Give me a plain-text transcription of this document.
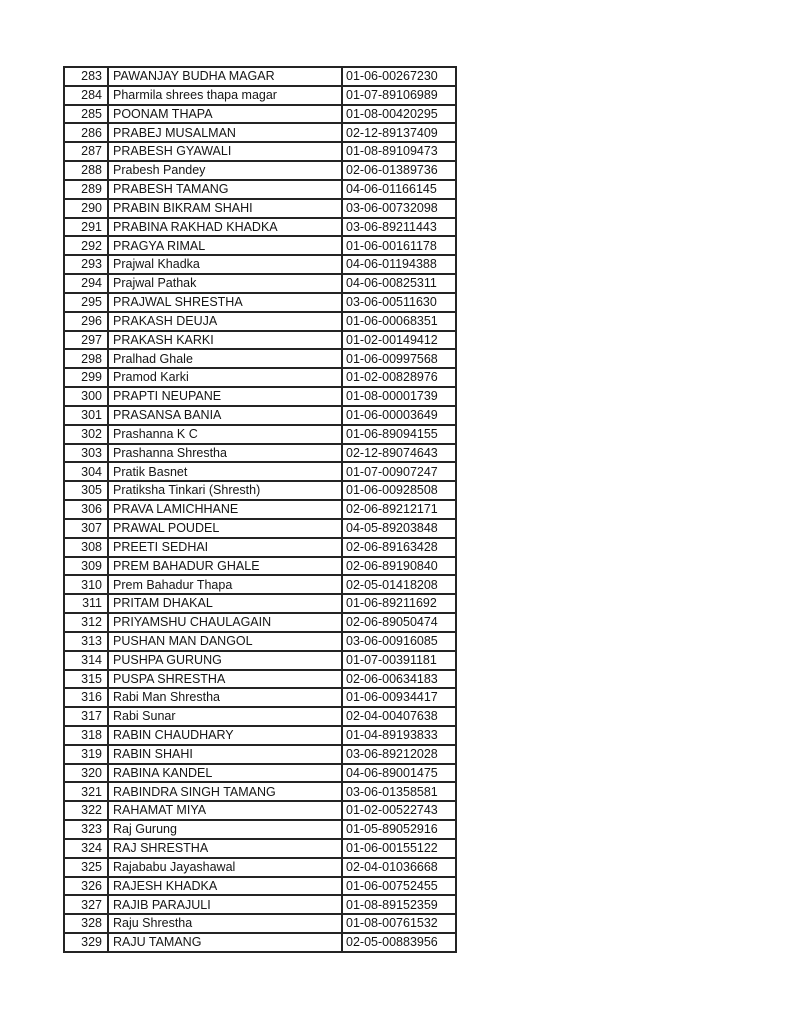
283	PAWANJAY BUDHA MAGAR	01-06-00267230
284	Pharmila shrees thapa magar	01-07-89106989
285	POONAM THAPA	01-08-00420295
286	PRABEJ MUSALMAN	02-12-89137409
287	PRABESH GYAWALI	01-08-89109473
288	Prabesh Pandey	02-06-01389736
289	PRABESH TAMANG	04-06-01166145
290	PRABIN BIKRAM SHAHI	03-06-00732098
291	PRABINA RAKHAD KHADKA	03-06-89211443
292	PRAGYA RIMAL	01-06-00161178
293	Prajwal Khadka	04-06-01194388
294	Prajwal Pathak	04-06-00825311
295	PRAJWAL SHRESTHA	03-06-00511630
296	PRAKASH DEUJA	01-06-00068351
297	PRAKASH KARKI	01-02-00149412
298	Pralhad Ghale	01-06-00997568
299	Pramod Karki	01-02-00828976
300	PRAPTI NEUPANE	01-08-00001739
301	PRASANSA BANIA	01-06-00003649
302	Prashanna K C	01-06-89094155
303	Prashanna Shrestha	02-12-89074643
304	Pratik Basnet	01-07-00907247
305	Pratiksha Tinkari (Shresth)	01-06-00928508
306	PRAVA LAMICHHANE	02-06-89212171
307	PRAWAL POUDEL	04-05-89203848
308	PREETI SEDHAI	02-06-89163428
309	PREM BAHADUR GHALE	02-06-89190840
310	Prem Bahadur Thapa	02-05-01418208
311	PRITAM DHAKAL	01-06-89211692
312	PRIYAMSHU CHAULAGAIN	02-06-89050474
313	PUSHAN MAN DANGOL	03-06-00916085
314	PUSHPA GURUNG	01-07-00391181
315	PUSPA SHRESTHA	02-06-00634183
316	Rabi Man Shrestha	01-06-00934417
317	Rabi Sunar	02-04-00407638
318	RABIN CHAUDHARY	01-04-89193833
319	RABIN SHAHI	03-06-89212028
320	RABINA KANDEL	04-06-89001475
321	RABINDRA SINGH TAMANG	03-06-01358581
322	RAHAMAT MIYA	01-02-00522743
323	Raj Gurung	01-05-89052916
324	RAJ SHRESTHA	01-06-00155122
325	Rajababu Jayashawal	02-04-01036668
326	RAJESH KHADKA	01-06-00752455
327	RAJIB PARAJULI	01-08-89152359
328	Raju Shrestha	01-08-00761532
329	RAJU TAMANG	02-05-00883956
